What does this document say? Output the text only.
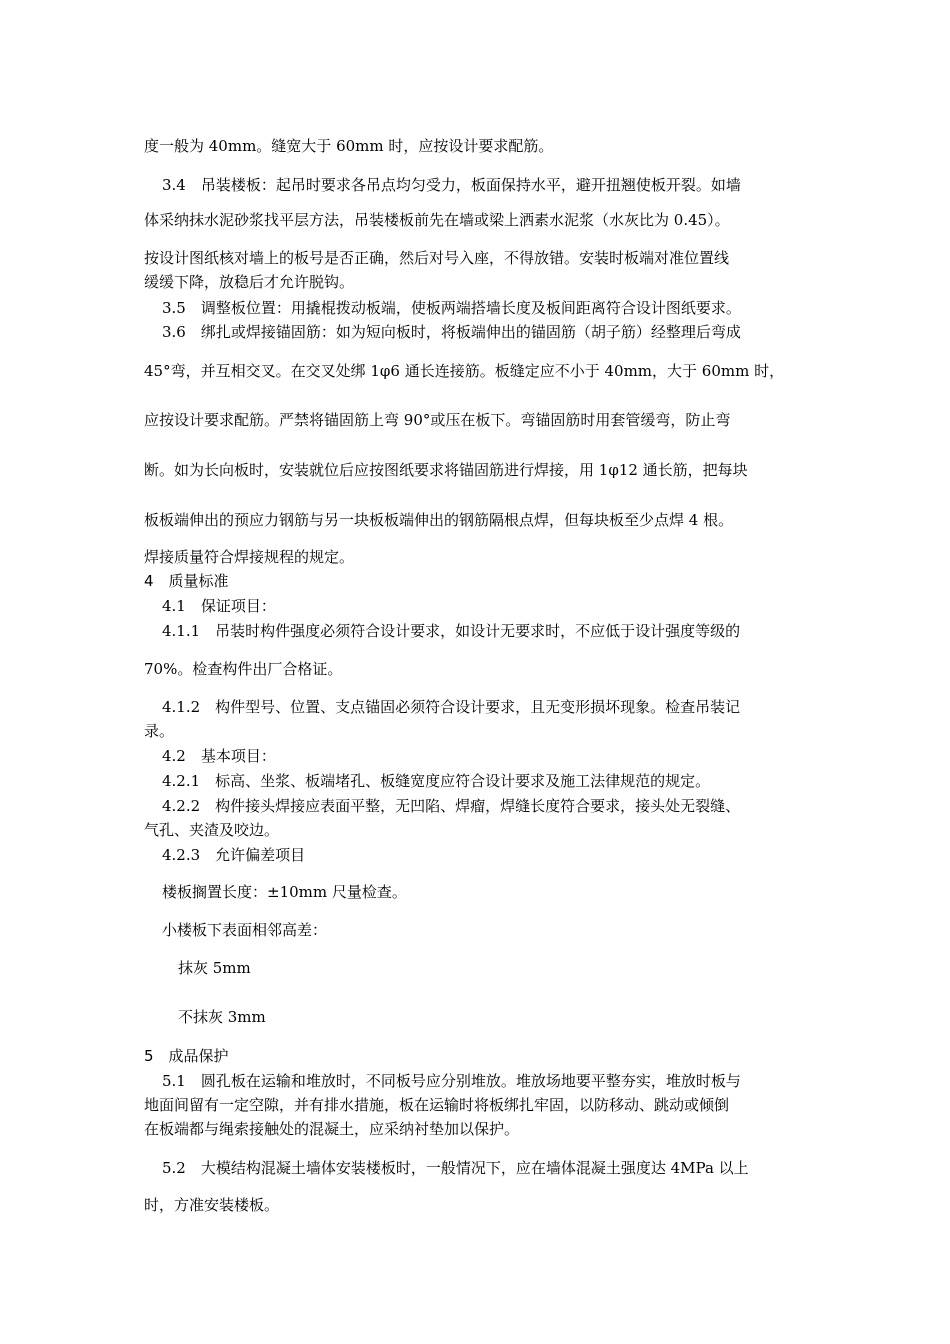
度一般为 40mm。缝宽大于 60mm 时，应按设计要求配筋。

3.4　吊装楼板：起吊时要求各吊点均匀受力，板面保持水平，避开扭翘使板开裂。如墙

体采纳抹水泥砂浆找平层方法，吊装楼板前先在墙或梁上洒素水泥浆（水灰比为 0.45）。

按设计图纸核对墙上的板号是否正确，然后对号入座，不得放错。安装时板端对准位置线

缓缓下降，放稳后才允许脱钩。

3.5　调整板位置：用撬棍拨动板端，使板两端搭墙长度及板间距离符合设计图纸要求。

3.6　绑扎或焊接锚固筋：如为短向板时，将板端伸出的锚固筋（胡子筋）经整理后弯成

45°弯，并互相交叉。在交叉处绑 1φ6 通长连接筋。板缝定应不小于 40mm，大于 60mm 时，

应按设计要求配筋。严禁将锚固筋上弯 90°或压在板下。弯锚固筋时用套管缓弯，防止弯

断。如为长向板时，安装就位后应按图纸要求将锚固筋进行焊接，用 1φ12 通长筋，把每块

板板端伸出的预应力钢筋与另一块板板端伸出的钢筋隔根点焊，但每块板至少点焊 4 根。

焊接质量符合焊接规程的规定。

4　质量标准

4.1　保证项目：

4.1.1　吊装时构件强度必须符合设计要求，如设计无要求时，不应低于设计强度等级的

70%。检查构件出厂合格证。

4.1.2　构件型号、位置、支点锚固必须符合设计要求，且无变形损坏现象。检查吊装记

录。

4.2　基本项目：

4.2.1　标高、坐浆、板端堵孔、板缝宽度应符合设计要求及施工法律规范的规定。

4.2.2　构件接头焊接应表面平整，无凹陷、焊瘤，焊缝长度符合要求，接头处无裂缝、

气孔、夹渣及咬边。

4.2.3　允许偏差项目

楼板搁置长度：±10mm 尺量检查。

小楼板下表面相邻高差：

抹灰 5mm

不抹灰 3mm

5　成品保护

5.1　圆孔板在运输和堆放时，不同板号应分别堆放。堆放场地要平整夯实，堆放时板与

地面间留有一定空隙，并有排水措施，板在运输时将板绑扎牢固，以防移动、跳动或倾倒

在板端都与绳索接触处的混凝土，应采纳衬垫加以保护。

5.2　大模结构混凝土墙体安装楼板时，一般情况下，应在墙体混凝土强度达 4MPa 以上

时，方准安装楼板。
